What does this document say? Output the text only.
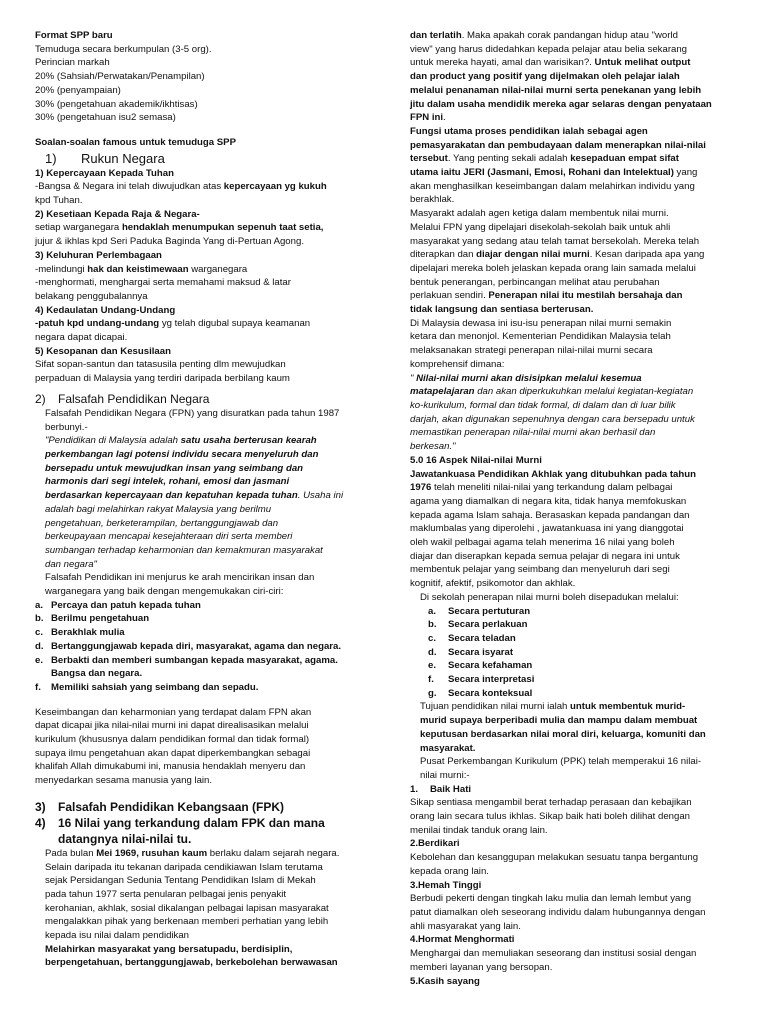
Format SPP baru
Temuduga secara berkumpulan (3-5 org).
Perincian markah
20% (Sahsiah/Perwatakan/Penampilan)
20% (penyampaian)
30% (pengetahuan akademik/ikhtisas)
30% (pengetahuan isu2 semasa)
Soalan-soalan famous untuk temuduga SPP
1)	Rukun Negara
1) Kepercayaan Kepada Tuhan
-Bangsa & Negara ini telah diwujudkan atas kepercayaan yg kukuh
kpd Tuhan.
2) Kesetiaan Kepada Raja & Negara-
setiap warganegara hendaklah menumpukan sepenuh taat setia,
jujur & ikhlas kpd Seri Paduka Baginda Yang di-Pertuan Agong.
3) Keluhuran Perlembagaan
-melindungi hak dan keistimewaan warganegara
-menghormati, menghargai serta memahami maksud & latar
belakang penggubalannya
4) Kedaulatan Undang-Undang
-patuh kpd undang-undang yg telah digubal supaya keamanan
negara dapat dicapai.
5) Kesopanan dan Kesusilaan
Sifat sopan-santun dan tatasusila penting dlm mewujudkan
perpaduan di Malaysia yang terdiri daripada berbilang kaum
2)	Falsafah Pendidikan Negara
Falsafah Pendidikan Negara (FPN) yang disuratkan pada tahun 1987
berbunyi.-
"Pendidikan di Malaysia adalah satu usaha berterusan kearah
perkembangan lagi potensi individu secara menyeluruh dan
bersepadu untuk mewujudkan insan yang seimbang dan
harmonis dari segi intelek, rohani, emosi dan jasmani
berdasarkan kepercayaan dan kepatuhan kepada tuhan. Usaha ini
adalah bagi melahirkan rakyat Malaysia yang berilmu
pengetahuan, berketerampilan, bertanggungjawab dan
berkeupayaan mencapai kesejahteraan diri serta memberi
sumbangan terhadap keharmonian dan kemakmuran masyarakat
dan negara"
Falsafah Pendidikan ini menjurus ke arah mencirikan insan dan
warganegara yang baik dengan mengemukakan ciri-ciri:
a. Percaya dan patuh kepada tuhan
b. Berilmu pengetahuan
c. Berakhlak mulia
d. Bertanggungjawab kepada diri, masyarakat, agama dan negara.
e. Berbakti dan memberi sumbangan kepada masyarakat, agama.
Bangsa dan negara.
f.	Memiliki sahsiah yang seimbang dan sepadu.
Keseimbangan dan keharmonian yang terdapat dalam FPN akan
dapat dicapai jika nilai-nilai murni ini dapat direalisasikan melalui
kurikulum (khususnya dalam pendidikan formal dan tidak formal)
supaya ilmu pengetahuan akan dapat diperkembangkan sebagai
khalifah Allah dimukabumi ini, manusia hendaklah menyeru dan
menyedarkan sesama manusia yang lain.
3)	Falsafah Pendidikan Kebangsaan (FPK)
4)	16 Nilai yang terkandung dalam FPK dan mana
datangnya nilai-nilai tu.
Pada bulan Mei 1969, rusuhan kaum berlaku dalam sejarah negara.
Selain daripada itu tekanan daripada cendikiawan Islam terutama
sejak Persidangan Sedunia Tentang Pendidikan Islam di Mekah
pada tahun 1977 serta penularan pelbagai jenis penyakit
kerohanian, akhlak, sosial dikalangan pelbagai lapisan masyarakat
mengalakkan pihak yang berkenaan memberi perhatian yang lebih
kepada isu nilai dalam pendidikan
Melahirkan masyarakat yang bersatupadu, berdisiplin,
berpengetahuan, bertanggungjawab, berkebolehan berwawasan
dan terlatih. Maka apakah corak pandangan hidup atau "world
view" yang harus didedahkan kepada pelajar atau belia sekarang
untuk mereka hayati, amal dan warisikan?. Untuk melihat output
dan product yang positif yang dijelmakan oleh pelajar ialah
melalui penanaman nilai-nilai murni serta penekanan yang lebih
jitu dalam usaha mendidik mereka agar selaras dengan penyataan
FPN ini.
Fungsi utama proses pendidikan ialah sebagai agen
pemasyarakatan dan pembudayaan dalam menerapkan nilai-nilai
tersebut. Yang penting sekali adalah kesepaduan empat sifat
utama iaitu JERI (Jasmani, Emosi, Rohani dan Intelektual) yang
akan menghasilkan keseimbangan dalam melahirkan individu yang
berakhlak.
Masyarakt adalah agen ketiga dalam membentuk nilai murni.
Melalui FPN yang dipelajari disekolah-sekolah baik untuk ahli
masyarakat yang sedang atau telah tamat bersekolah. Mereka telah
diterapkan dan diajar dengan nilai murni. Kesan daripada apa yang
dipelajari mereka boleh jelaskan kepada orang lain samada melalui
bentuk penerangan, perbincangan melihat atau perubahan
perlakuan sendiri. Penerapan nilai itu mestilah bersahaja dan
tidak langsung dan sentiasa berterusan.
Di Malaysia dewasa ini isu-isu penerapan nilai murni semakin
ketara dan menonjol. Kementerian Pendidikan Malaysia telah
melaksanakan strategi penerapan nilai-nilai murni secara
komprehensif dimana:
" Nilai-nilai murni akan disisipkan melalui kesemua
matapelajaran dan akan diperkukuhkan melalui kegiatan-kegiatan
ko-kurikulum, formal dan tidak formal, di dalam dan di luar bilik
darjah, akan digunakan sepenuhnya dengan cara bersepadu untuk
memastikan penerapan nilai-nilai murni akan berhasil dan
berkesan."
5.0 16 Aspek Nilai-nilai Murni
Jawatankuasa Pendidikan Akhlak yang ditubuhkan pada tahun
1976 telah meneliti nilai-nilai yang terkandung dalam pelbagai
agama yang diamalkan di negara kita, tidak hanya memfokuskan
kepada agama Islam sahaja. Berasaskan kepada pandangan dan
maklumbalas yang diperolehi , jawatankuasa ini yang dianggotai
oleh wakil pelbagai agama telah menerima 16 nilai yang boleh
diajar dan diserapkan kepada semua pelajar di negara ini untuk
membentuk pelajar yang seimbang dan menyeluruh dari segi
kognitif, afektif, psikomotor dan akhlak.
Di sekolah penerapan nilai murni boleh disepadukan melalui:
a.	Secara pertuturan
b.	Secara perlakuan
c.	Secara teladan
d.	Secara isyarat
e.	Secara kefahaman
f.	Secara interpretasi
g.	Secara konteksual
Tujuan pendidikan nilai murni ialah untuk membentuk murid-
murid supaya berperibadi mulia dan mampu dalam membuat
keputusan berdasarkan nilai moral diri, keluarga, komuniti dan
masyarakat.
Pusat Perkembangan Kurikulum (PPK) telah memperakui 16 nilai-
nilai murni:-
1.	Baik Hati
Sikap sentiasa mengambil berat terhadap perasaan dan kebajikan
orang lain secara tulus ikhlas. Sikap baik hati boleh dilihat dengan
menilai tindak tanduk orang lain.
2.Berdikari
Kebolehan dan kesanggupan melakukan sesuatu tanpa bergantung
kepada orang lain.
3.Hemah Tinggi
Berbudi pekerti dengan tingkah laku mulia dan lemah lembut yang
patut diamalkan oleh seseorang individu dalam hubungannya dengan
ahli masyarakat yang lain.
4.Hormat Menghormati
Menghargai dan memuliakan seseorang dan institusi sosial dengan
memberi layanan yang bersopan.
5.Kasih sayang
